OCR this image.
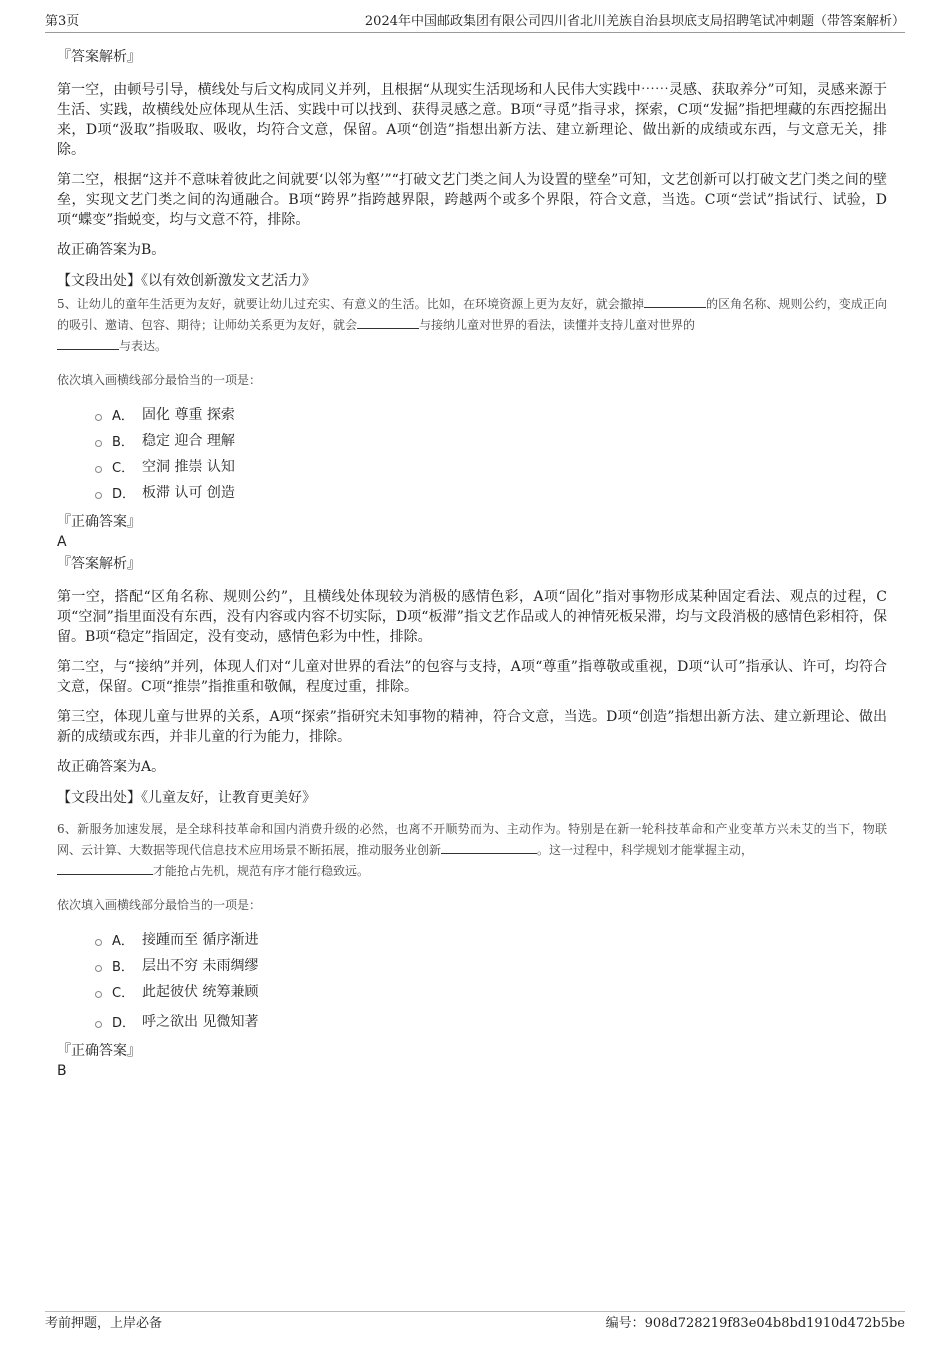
第3页	2024年中国邮政集团有限公司四川省北川羌族自治县坝底支局招聘笔试冲刺题（带答案解析）

『答案解析』

第一空，由顿号引导，横线处与后文构成同义并列，且根据“从现实生活现场和人民伟大实践中⋯⋯灵感、获取养分”可知，灵感来源于生活、实践，故横线处应体现从生活、实践中可以找到、获得灵感之意。B项“寻觅”指寻求，探索，C项“发掘”指把埋藏的东西挖掘出来，D项“汲取”指吸取、吸收，均符合文意，保留。A项“创造”指想出新方法、建立新理论、做出新的成绩或东西，与文意无关，排除。

第二空，根据“这并不意味着彼此之间就要‘以邻为壑’”“打破文艺门类之间人为设置的壁垒”可知，文艺创新可以打破文艺门类之间的壁垒，实现文艺门类之间的沟通融合。B项“跨界”指跨越界限，跨越两个或多个界限，符合文意，当选。C项“尝试”指试行、试验，D项“蝶变”指蜕变，均与文意不符，排除。

故正确答案为B。

【文段出处】《以有效创新激发文艺活力》

5、让幼儿的童年生活更为友好，就要让幼儿过充实、有意义的生活。比如，在环境资源上更为友好，就会撤掉	的区角名称、规则公约，变成正向的吸引、邀请、包容、期待；让师幼关系更为友好，就会	与接纳儿童对世界的看法，读懂并支持儿童对世界的
与表达。

依次填入画横线部分最恰当的一项是：

A． 固化 尊重 探索
B． 稳定 迎合 理解
C． 空洞 推崇 认知
D． 板滞 认可 创造

『正确答案』

A

『答案解析』

第一空，搭配“区角名称、规则公约”，且横线处体现较为消极的感情色彩，A项“固化”指对事物形成某种固定看法、观点的过程，C项“空洞”指里面没有东西，没有内容或内容不切实际，D项“板滞”指文艺作品或人的神情死板呆滞，均与文段消极的感情色彩相符，保留。B项“稳定”指固定，没有变动，感情色彩为中性，排除。

第二空，与“接纳”并列，体现人们对“儿童对世界的看法”的包容与支持，A项“尊重”指尊敬或重视，D项“认可”指承认、许可，均符合文意，保留。C项“推崇”指推重和敬佩，程度过重，排除。

第三空，体现儿童与世界的关系，A项“探索”指研究未知事物的精神，符合文意，当选。D项“创造”指想出新方法、建立新理论、做出新的成绩或东西，并非儿童的行为能力，排除。

故正确答案为A。

【文段出处】《儿童友好，让教育更美好》

6、新服务加速发展，是全球科技革命和国内消费升级的必然，也离不开顺势而为、主动作为。特别是在新一轮科技革命和产业变革方兴未艾的当下，物联网、云计算、大数据等现代信息技术应用场景不断拓展，推动服务业创新	。这一过程中，科学规划才能掌握主动，
才能抢占先机，规范有序才能行稳致远。

依次填入画横线部分最恰当的一项是：

A． 接踵而至 循序渐进
B． 层出不穷 未雨绸缪
C． 此起彼伏 统筹兼顾
D． 呼之欲出 见微知著

『正确答案』

B

考前押题，上岸必备	编号：908d728219f83e04b8bd1910d472b5be
